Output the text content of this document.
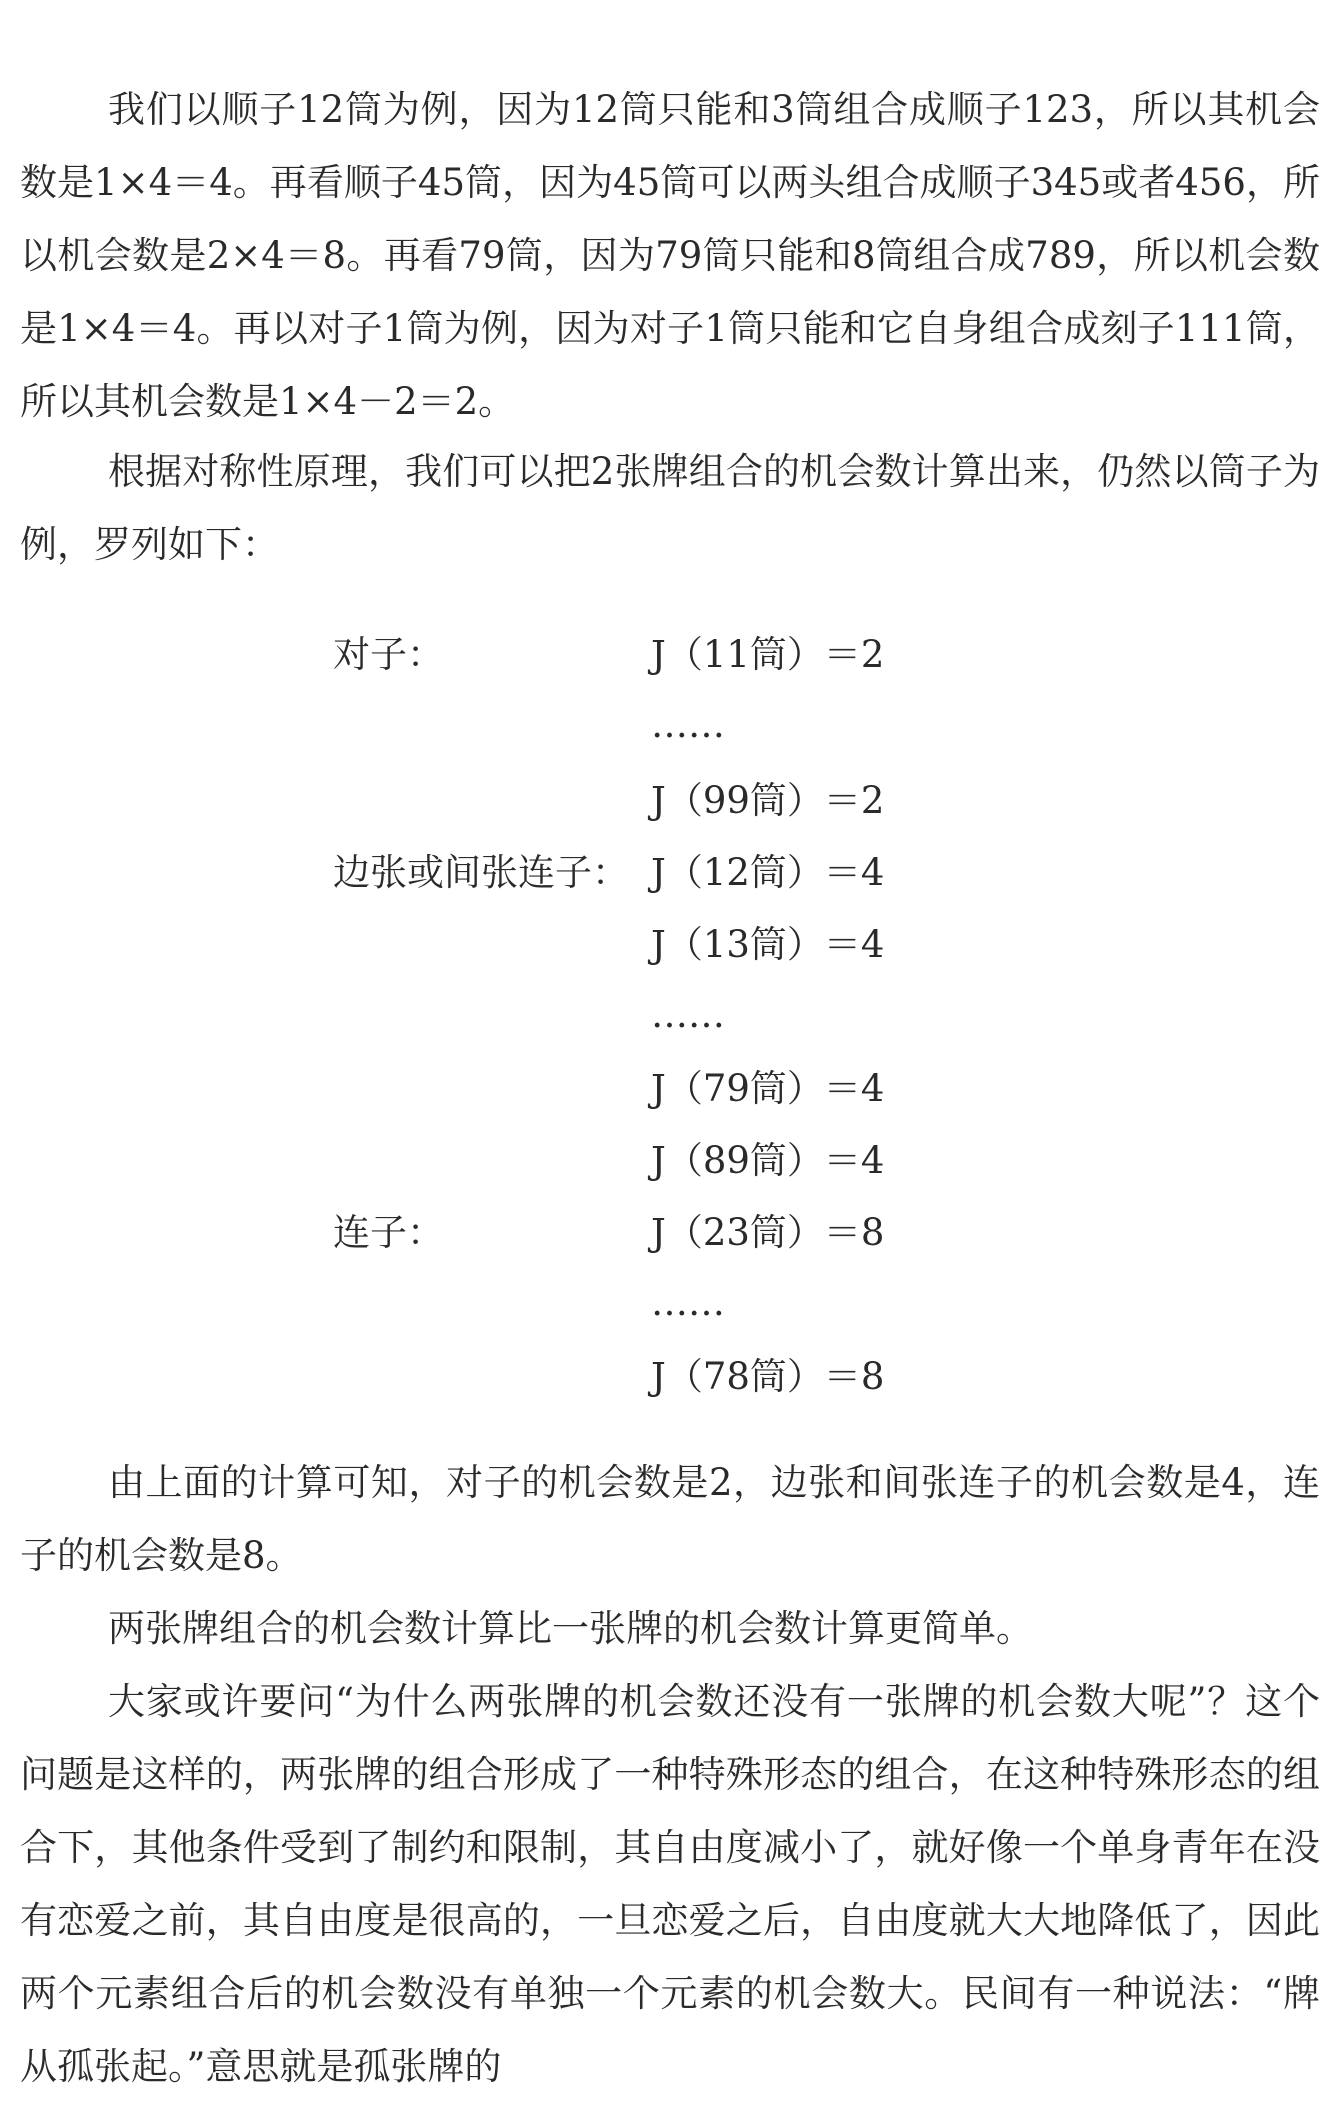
我们以顺子12筒为例，因为12筒只能和3筒组合成顺子123，所以其机会数是1×4＝4。再看顺子45筒，因为45筒可以两头组合成顺子345或者456，所以机会数是2×4＝8。再看79筒，因为79筒只能和8筒组合成789，所以机会数是1×4＝4。再以对子1筒为例，因为对子1筒只能和它自身组合成刻子111筒，所以其机会数是1×4－2＝2。

根据对称性原理，我们可以把2张牌组合的机会数计算出来，仍然以筒子为例，罗列如下：

对子：
边张或间张连子：
连子：
J（11筒）＝2
……
J（99筒）＝2
J（12筒）＝4
J（13筒）＝4
……
J（79筒）＝4
J（89筒）＝4
J（23筒）＝8
……
J（78筒）＝8

由上面的计算可知，对子的机会数是2，边张和间张连子的机会数是4，连子的机会数是8。

两张牌组合的机会数计算比一张牌的机会数计算更简单。

大家或许要问“为什么两张牌的机会数还没有一张牌的机会数大呢”？这个问题是这样的，两张牌的组合形成了一种特殊形态的组合，在这种特殊形态的组合下，其他条件受到了制约和限制，其自由度减小了，就好像一个单身青年在没有恋爱之前，其自由度是很高的，一旦恋爱之后，自由度就大大地降低了，因此两个元素组合后的机会数没有单独一个元素的机会数大。民间有一种说法：“牌从孤张起。”意思就是孤张牌的
